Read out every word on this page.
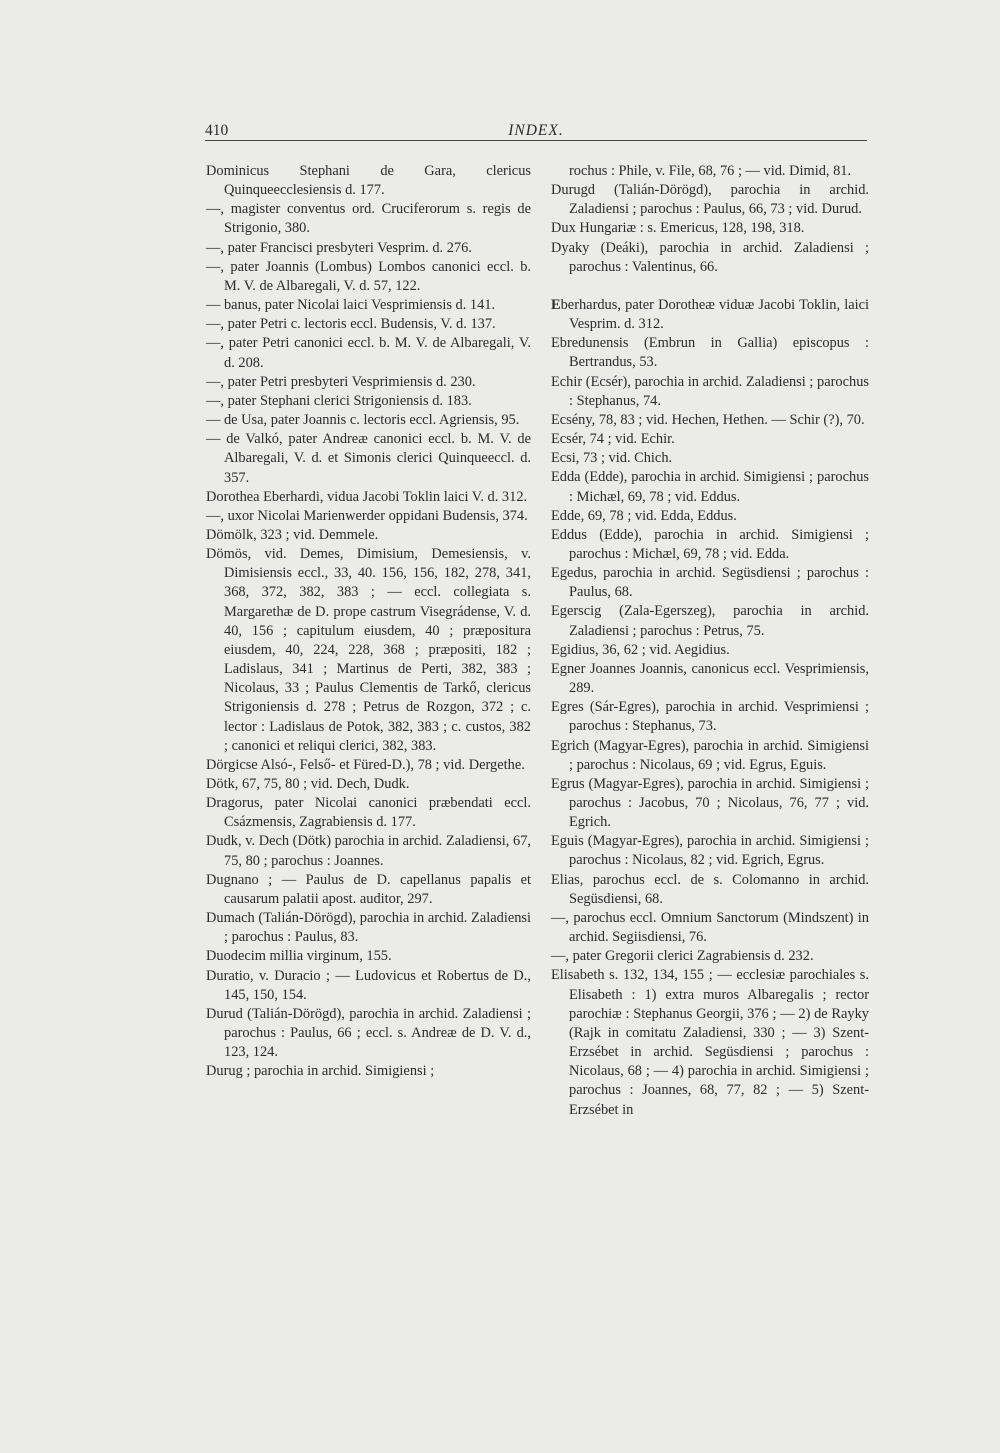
410	INDEX.

Dominicus Stephani de Gara, clericus Quinqueecclesiensis d. 177.

—, magister conventus ord. Cruciferorum s. regis de Strigonio, 380.

—, pater Francisci presbyteri Vesprim. d. 276.

—, pater Joannis (Lombus) Lombos canonici eccl. b. M. V. de Albaregali, V. d. 57, 122.

— banus, pater Nicolai laici Vesprimiensis d. 141.

—, pater Petri c. lectoris eccl. Budensis, V. d. 137.

—, pater Petri canonici eccl. b. M. V. de Albaregali, V. d. 208.

—, pater Petri presbyteri Vesprimiensis d. 230.

—, pater Stephani clerici Strigoniensis d. 183.

— de Usa, pater Joannis c. lectoris eccl. Agriensis, 95.

— de Valkó, pater Andreæ canonici eccl. b. M. V. de Albaregali, V. d. et Simonis clerici Quinqueeccl. d. 357.

Dorothea Eberhardi, vidua Jacobi Toklin laici V. d. 312.

—, uxor Nicolai Marienwerder oppidani Budensis, 374.

Dömölk, 323 ; vid. Demmele.

Dömös, vid. Demes, Dimisium, Demesiensis, v. Dimisiensis eccl., 33, 40. 156, 156, 182, 278, 341, 368, 372, 382, 383 ; — eccl. collegiata s. Margarethæ de D. prope castrum Visegrádense, V. d. 40, 156 ; capitulum eiusdem, 40 ; præpositura eiusdem, 40, 224, 228, 368 ; præpositi, 182 ; Ladislaus, 341 ; Martinus de Perti, 382, 383 ; Nicolaus, 33 ; Paulus Clementis de Tarkő, clericus Strigoniensis d. 278 ; Petrus de Rozgon, 372 ; c. lector : Ladislaus de Potok, 382, 383 ; c. custos, 382 ; canonici et reliqui clerici, 382, 383.

Dörgicse Alsó-, Felső- et Füred-D.), 78 ; vid. Dergethe.

Dötk, 67, 75, 80 ; vid. Dech, Dudk.

Dragorus, pater Nicolai canonici præbendati eccl. Csázmensis, Zagrabiensis d. 177.

Dudk, v. Dech (Dötk) parochia in archid. Zaladiensi, 67, 75, 80 ; parochus : Joannes.

Dugnano ; — Paulus de D. capellanus papalis et causarum palatii apost. auditor, 297.

Dumach (Talián-Dörögd), parochia in archid. Zaladiensi ; parochus : Paulus, 83.

Duodecim millia virginum, 155.

Duratio, v. Duracio ; — Ludovicus et Robertus de D., 145, 150, 154.

Durud (Talián-Dörögd), parochia in archid. Zaladiensi ; parochus : Paulus, 66 ; eccl. s. Andreæ de D. V. d., 123, 124.

Durug ; parochia in archid. Simigiensi ;

rochus : Phile, v. File, 68, 76 ; — vid. Dimid, 81.

Durugd (Talián-Dörögd), parochia in archid. Zaladiensi ; parochus : Paulus, 66, 73 ; vid. Durud.

Dux Hungariæ : s. Emericus, 128, 198, 318.

Dyaky (Deáki), parochia in archid. Zaladiensi ; parochus : Valentinus, 66.

Eberhardus, pater Dorotheæ viduæ Jacobi Toklin, laici Vesprim. d. 312.

Ebredunensis (Embrun in Gallia) episcopus : Bertrandus, 53.

Echir (Ecsér), parochia in archid. Zaladiensi ; parochus : Stephanus, 74.

Ecsény, 78, 83 ; vid. Hechen, Hethen. — Schir (?), 70.

Ecsér, 74 ; vid. Echir.

Ecsi, 73 ; vid. Chich.

Edda (Edde), parochia in archid. Simigiensi ; parochus : Michæl, 69, 78 ; vid. Eddus.

Edde, 69, 78 ; vid. Edda, Eddus.

Eddus (Edde), parochia in archid. Simigiensi ; parochus : Michæl, 69, 78 ; vid. Edda.

Egedus, parochia in archid. Següsdiensi ; parochus : Paulus, 68.

Egerscig (Zala-Egerszeg), parochia in archid. Zaladiensi ; parochus : Petrus, 75.

Egidius, 36, 62 ; vid. Aegidius.

Egner Joannes Joannis, canonicus eccl. Vesprimiensis, 289.

Egres (Sár-Egres), parochia in archid. Vesprimiensi ; parochus : Stephanus, 73.

Egrich (Magyar-Egres), parochia in archid. Simigiensi ; parochus : Nicolaus, 69 ; vid. Egrus, Eguis.

Egrus (Magyar-Egres), parochia in archid. Simigiensi ; parochus : Jacobus, 70 ; Nicolaus, 76, 77 ; vid. Egrich.

Eguis (Magyar-Egres), parochia in archid. Simigiensi ; parochus : Nicolaus, 82 ; vid. Egrich, Egrus.

Elias, parochus eccl. de s. Colomanno in archid. Següsdiensi, 68.

—, parochus eccl. Omnium Sanctorum (Mindszent) in archid. Segiisdiensi, 76.

—, pater Gregorii clerici Zagrabiensis d. 232.

Elisabeth s. 132, 134, 155 ; — ecclesiæ parochiales s. Elisabeth : 1) extra muros Albaregalis ; rector parochiæ : Stephanus Georgii, 376 ; — 2) de Rayky (Rajk in comitatu Zaladiensi, 330 ; — 3) Szent-Erzsébet in archid. Següsdiensi ; parochus : Nicolaus, 68 ; — 4) parochia in archid. Simigiensi ; parochus : Joannes, 68, 77, 82 ; — 5) Szent-Erzsébet in
